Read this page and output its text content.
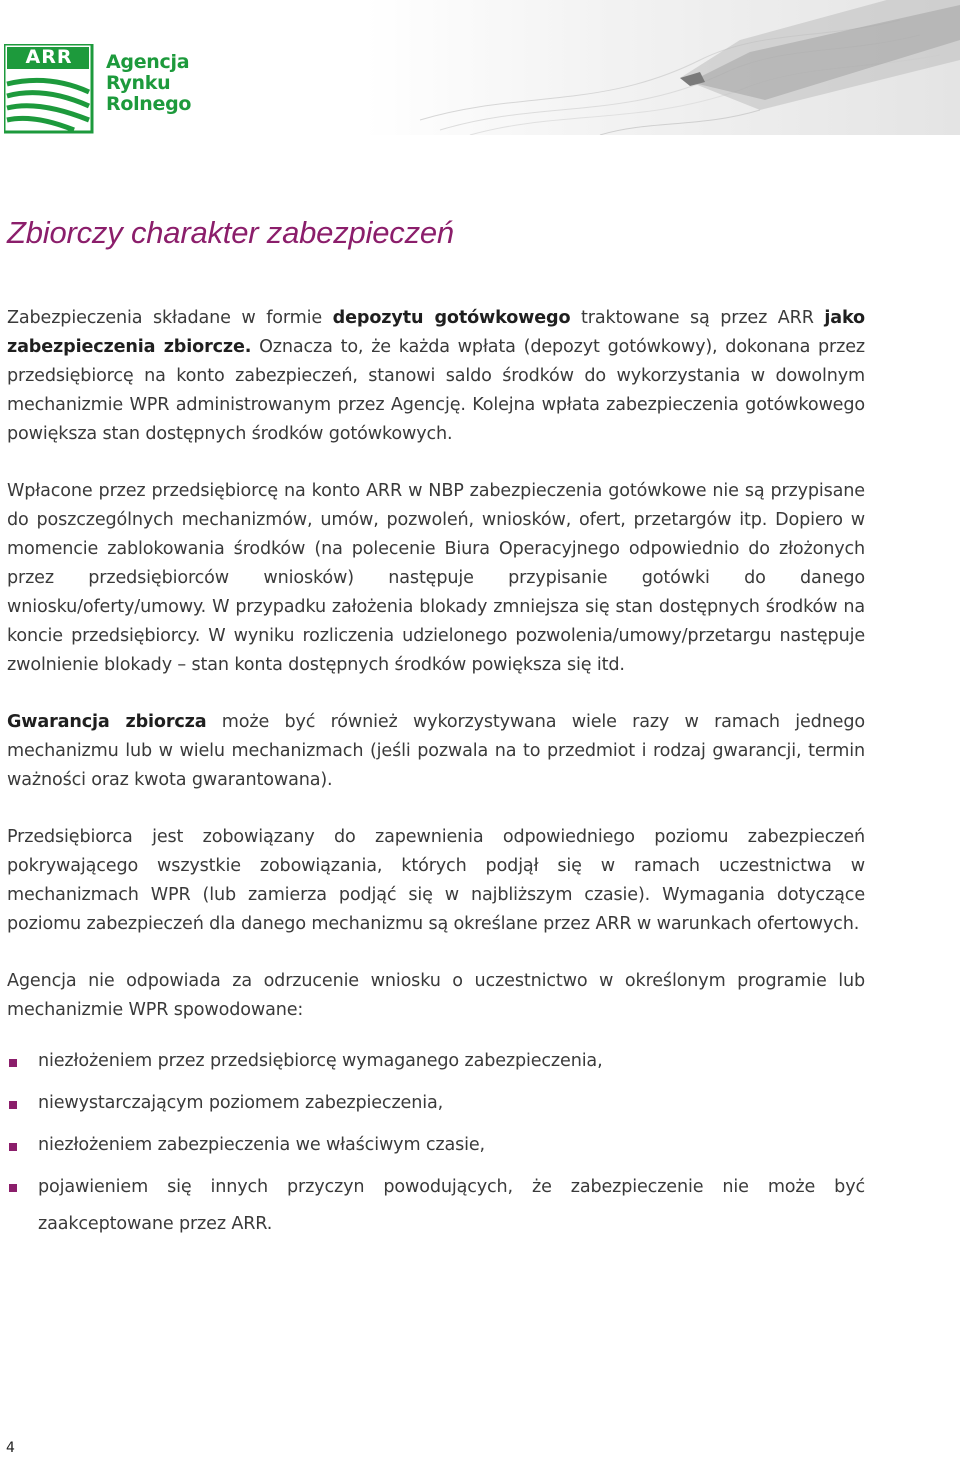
ARR	Agencja
Rynku
Rolnego
Zbiorczy charakter zabezpieczeń

Zabezpieczenia składane w formie depozytu gotówkowego traktowane są przez ARR jako zabezpieczenia zbiorcze. Oznacza to, że każda wpłata (depozyt gotówkowy), dokonana przez przedsiębiorcę na konto zabezpieczeń, stanowi saldo środków do wykorzystania w dowolnym mechanizmie WPR administrowanym przez Agencję. Kolejna wpłata zabezpieczenia gotówkowego powiększa stan dostępnych środków gotówkowych.

Wpłacone przez przedsiębiorcę na konto ARR w NBP zabezpieczenia gotówkowe nie są przypisane do poszczególnych mechanizmów, umów, pozwoleń, wniosków, ofert, przetargów itp. Dopiero w momencie zablokowania środków (na polecenie Biura Operacyjnego odpowiednio do złożonych przez przedsiębiorców wniosków) następuje przypisanie gotówki do danego wniosku/oferty/umowy. W przypadku założenia blokady zmniejsza się stan dostępnych środków na koncie przedsiębiorcy. W wyniku rozliczenia udzielonego pozwolenia/umowy/przetargu następuje zwolnienie blokady – stan konta dostępnych środków powiększa się itd.

Gwarancja zbiorcza może być również wykorzystywana wiele razy w ramach jednego mechanizmu lub w wielu mechanizmach (jeśli pozwala na to przedmiot i rodzaj gwarancji, termin ważności oraz kwota gwarantowana).

Przedsiębiorca jest zobowiązany do zapewnienia odpowiedniego poziomu zabezpieczeń pokrywającego wszystkie zobowiązania, których podjął się w ramach uczestnictwa w mechanizmach WPR (lub zamierza podjąć się w najbliższym czasie). Wymagania dotyczące poziomu zabezpieczeń dla danego mechanizmu są określane przez ARR w warunkach ofertowych.

Agencja nie odpowiada za odrzucenie wniosku o uczestnictwo w określonym programie lub mechanizmie WPR spowodowane:

niezłożeniem przez przedsiębiorcę wymaganego zabezpieczenia,
niewystarczającym poziomem zabezpieczenia,
niezłożeniem zabezpieczenia we właściwym czasie,
pojawieniem się innych przyczyn powodujących, że zabezpieczenie nie może być zaakceptowane przez ARR.
4
